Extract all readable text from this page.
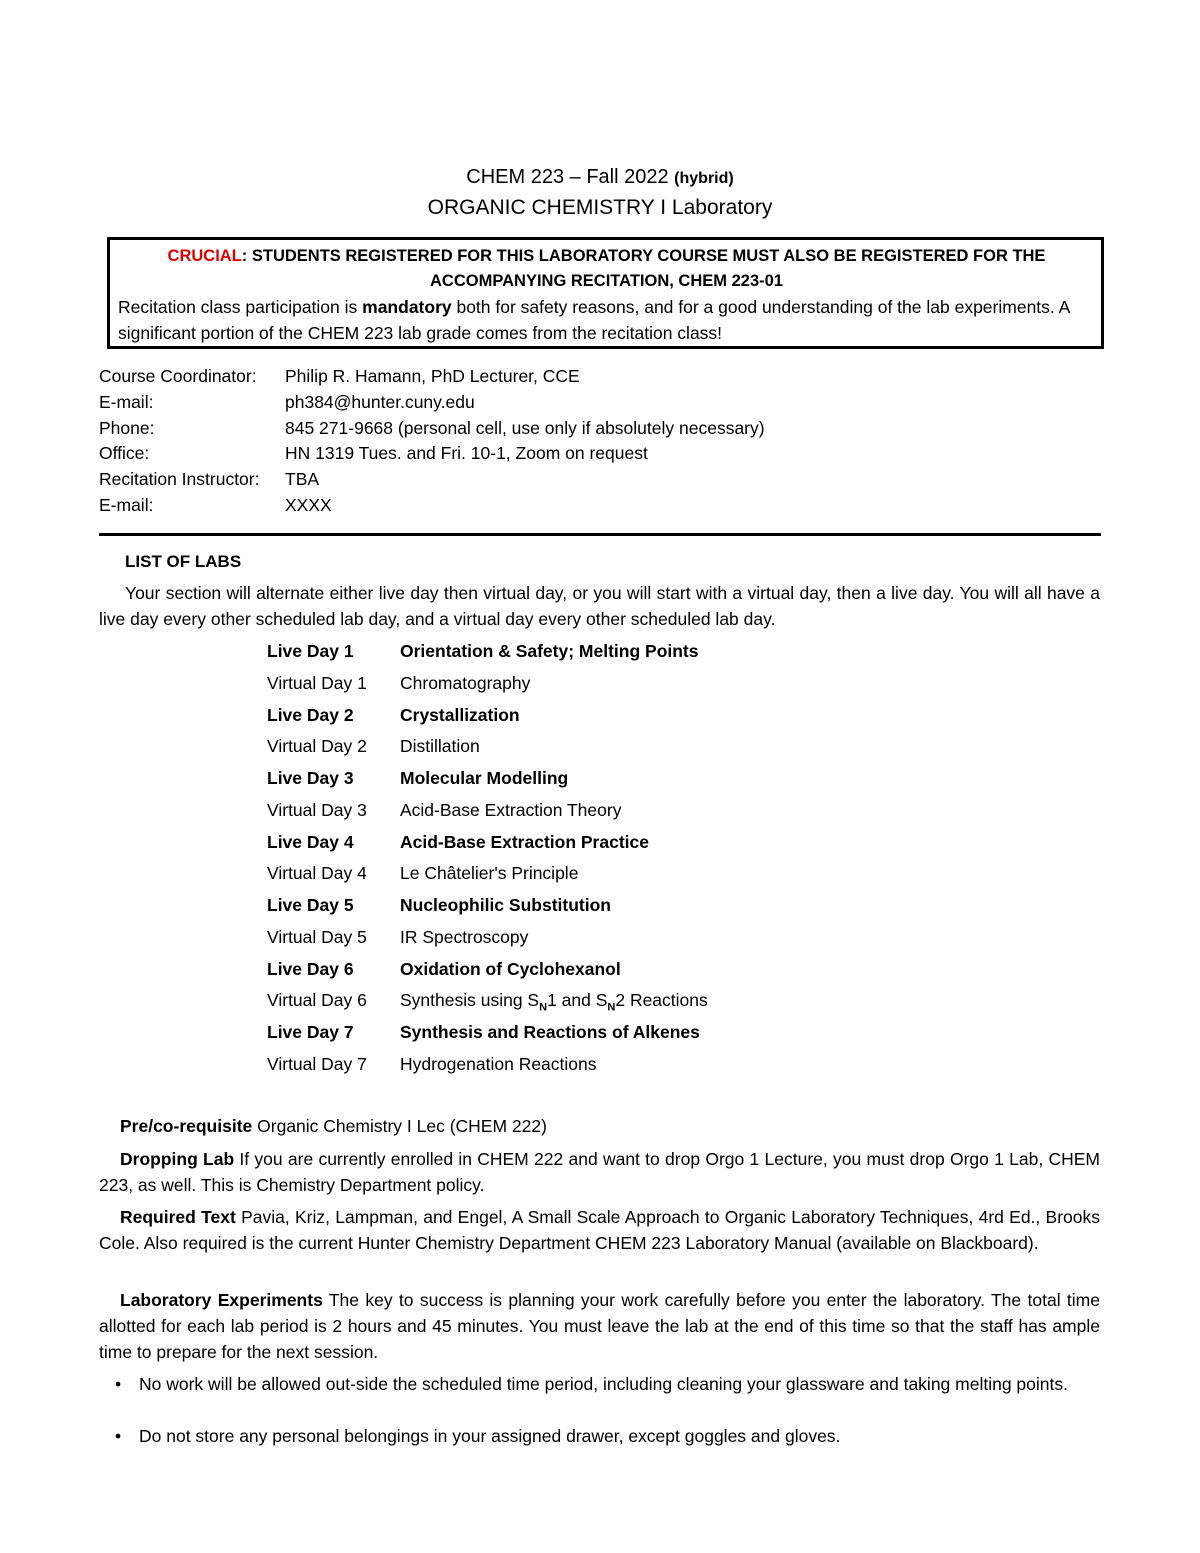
CHEM 223 – Fall 2022 (hybrid)
ORGANIC CHEMISTRY I Laboratory
CRUCIAL: STUDENTS REGISTERED FOR THIS LABORATORY COURSE MUST ALSO BE REGISTERED FOR THE ACCOMPANYING RECITATION, CHEM 223-01
Recitation class participation is mandatory both for safety reasons, and for a good understanding of the lab experiments. A significant portion of the CHEM 223 lab grade comes from the recitation class!
Course Coordinator:	Philip R. Hamann, PhD Lecturer, CCE
E-mail:	ph384@hunter.cuny.edu
Phone:	845 271-9668 (personal cell, use only if absolutely necessary)
Office:	HN 1319 Tues. and Fri. 10-1, Zoom on request
Recitation Instructor:	TBA
E-mail:	XXXX
LIST OF LABS
Your section will alternate either live day then virtual day, or you will start with a virtual day, then a live day. You will all have a live day every other scheduled lab day, and a virtual day every other scheduled lab day.
Live Day 1	Orientation & Safety; Melting Points
Virtual Day 1	Chromatography
Live Day 2	Crystallization
Virtual Day 2	Distillation
Live Day 3	Molecular Modelling
Virtual Day 3	Acid-Base Extraction Theory
Live Day 4	Acid-Base Extraction Practice
Virtual Day 4	Le Châtelier's Principle
Live Day 5	Nucleophilic Substitution
Virtual Day 5	IR Spectroscopy
Live Day 6	Oxidation of Cyclohexanol
Virtual Day 6	Synthesis using $S_N1$ and $S_N2$ Reactions
Live Day 7	Synthesis and Reactions of Alkenes
Virtual Day 7	Hydrogenation Reactions
Pre/co-requisite Organic Chemistry I Lec (CHEM 222)
Dropping Lab If you are currently enrolled in CHEM 222 and want to drop Orgo 1 Lecture, you must drop Orgo 1 Lab, CHEM 223, as well. This is Chemistry Department policy.
Required Text Pavia, Kriz, Lampman, and Engel, A Small Scale Approach to Organic Laboratory Techniques, 4rd Ed., Brooks Cole. Also required is the current Hunter Chemistry Department CHEM 223 Laboratory Manual (available on Blackboard).
Laboratory Experiments The key to success is planning your work carefully before you enter the laboratory. The total time allotted for each lab period is 2 hours and 45 minutes. You must leave the lab at the end of this time so that the staff has ample time to prepare for the next session.
• No work will be allowed out-side the scheduled time period, including cleaning your glassware and taking melting points.
• Do not store any personal belongings in your assigned drawer, except goggles and gloves.
